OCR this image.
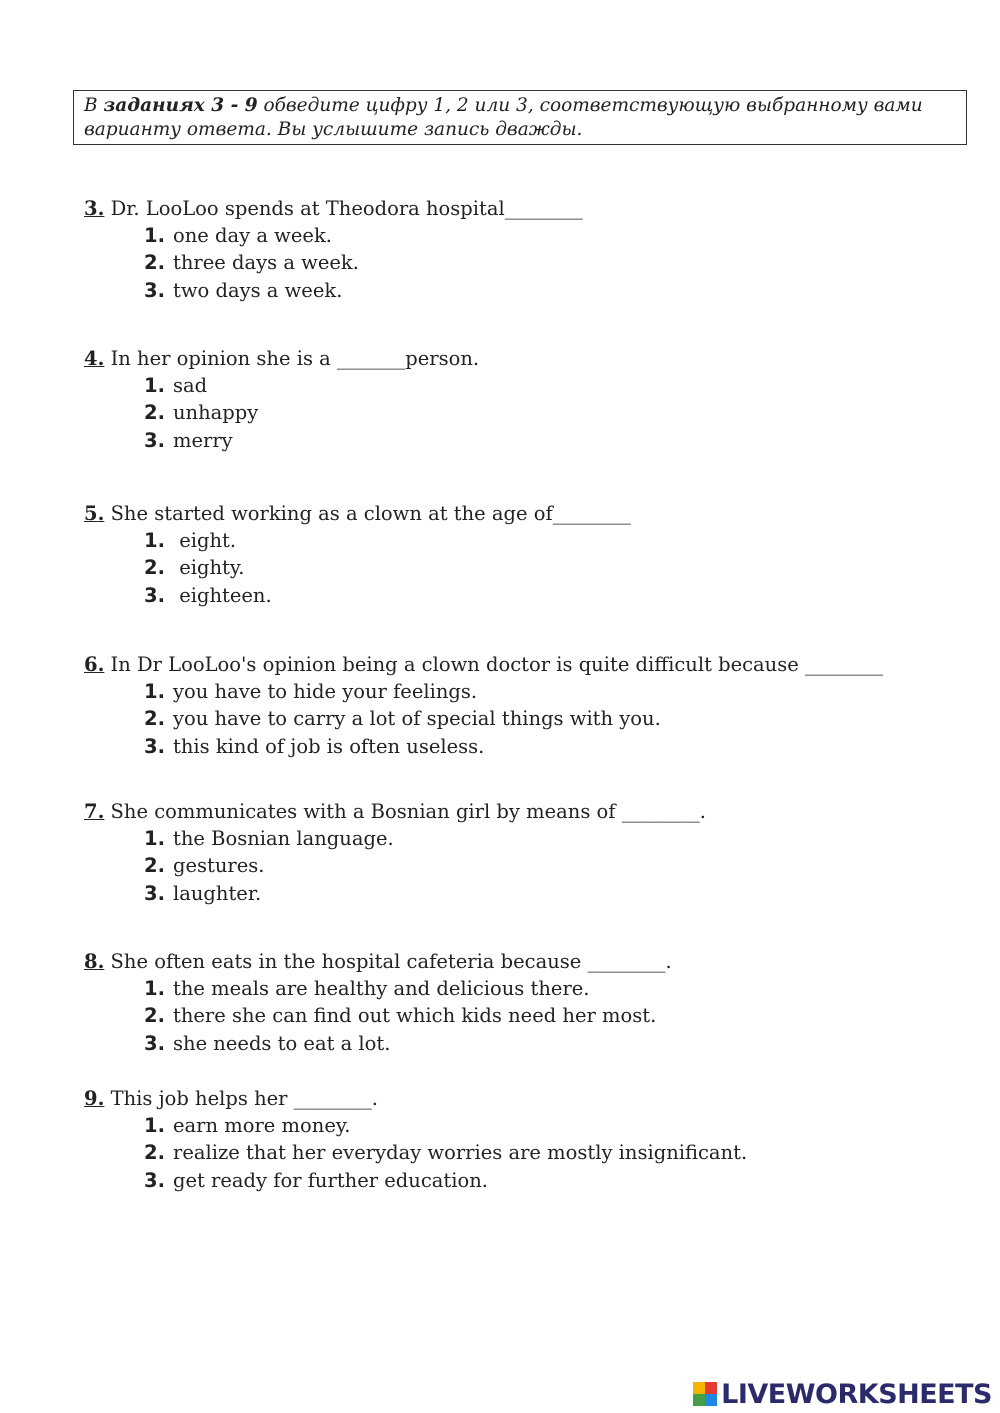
В заданиях 3 - 9 обведите цифру 1, 2 или 3, соответствующую выбранному вами варианту ответа. Вы услышите запись дважды.

3. Dr. LooLoo spends at Theodora hospital________

1. one day a week.
2. three days a week.
3. two days a week.

4. In her opinion she is a _______person.

1. sad
2. unhappy
3. merry

5. She started working as a clown at the age of________

1. eight.
2. eighty.
3. eighteen.

6. In Dr LooLoo's opinion being a clown doctor is quite difficult because ________

1. you have to hide your feelings.
2. you have to carry a lot of special things with you.
3. this kind of job is often useless.

7. She communicates with a Bosnian girl by means of ________.

1. the Bosnian language.
2. gestures.
3. laughter.

8. She often eats in the hospital cafeteria because ________.

1. the meals are healthy and delicious there.
2. there she can find out which kids need her most.
3. she needs to eat a lot.

9. This job helps her ________.

1. earn more money.
2. realize that her everyday worries are mostly insignificant.
3. get ready for further education.
LIVEWORKSHEETS
